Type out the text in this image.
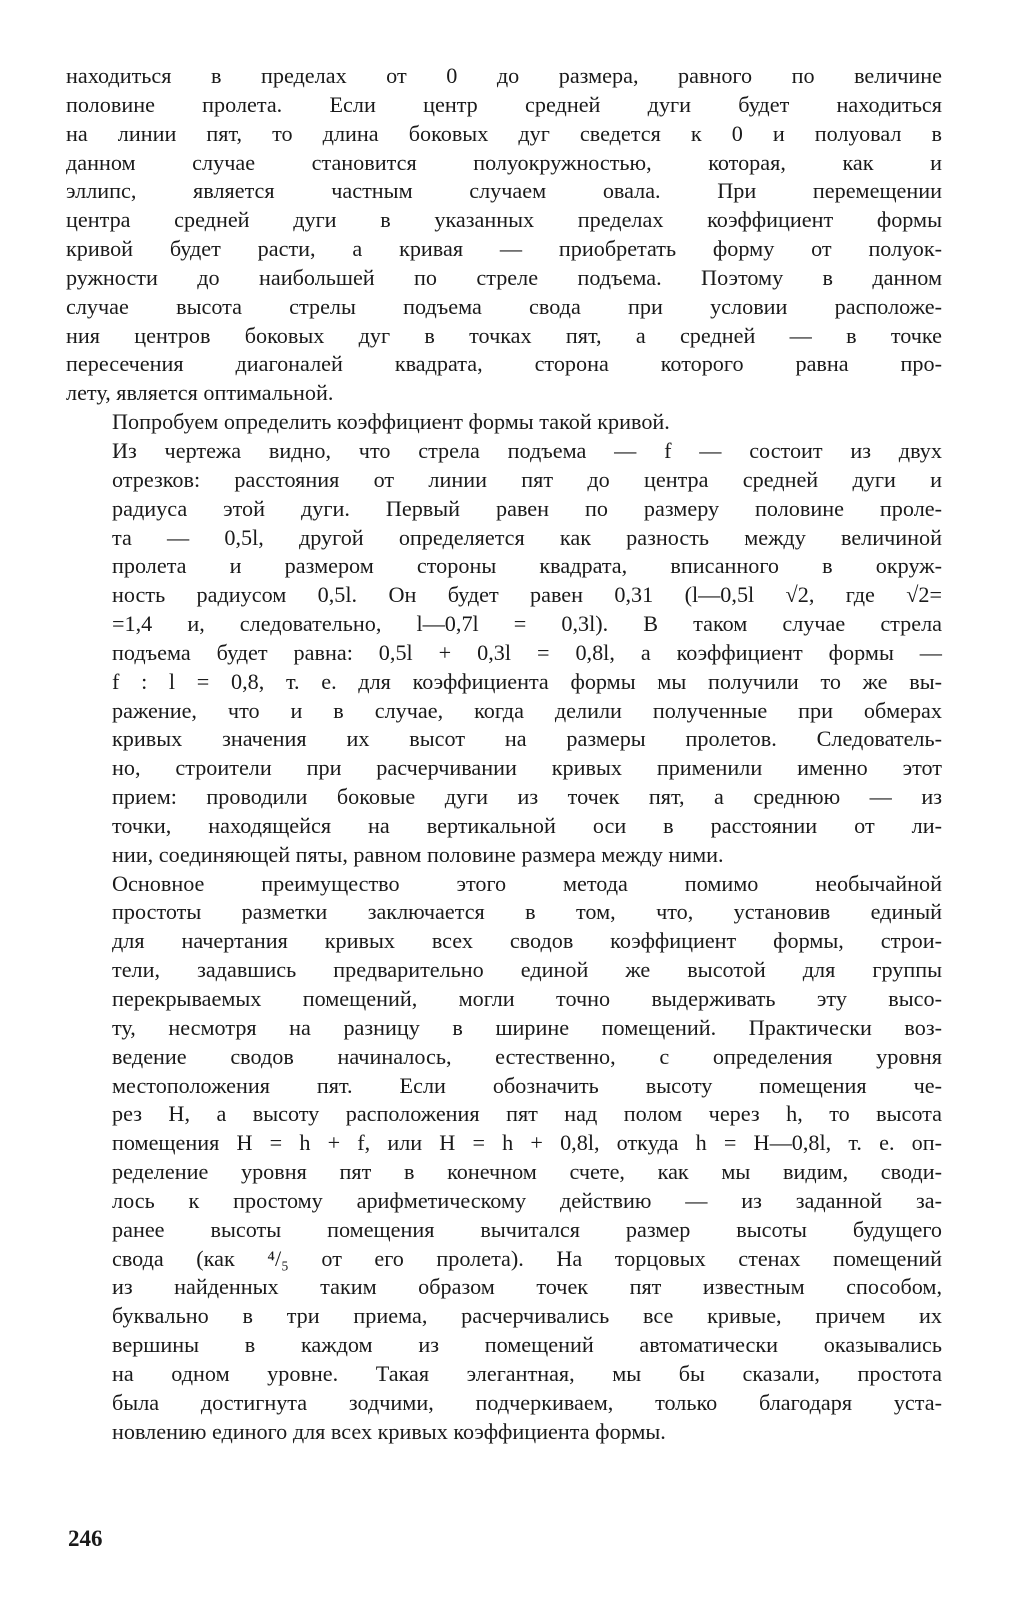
находиться в пределах от 0 до размера, равного по величине
половине пролета. Если центр средней дуги будет находиться
на линии пят, то длина боковых дуг сведется к 0 и полуовал в
данном случае становится полуокружностью, которая, как и
эллипс, является частным случаем овала. При перемещении
центра средней дуги в указанных пределах коэффициент формы
кривой будет расти, а кривая — приобретать форму от полуок-
ружности до наибольшей по стреле подъема. Поэтому в данном
случае высота стрелы подъема свода при условии расположе-
ния центров боковых дуг в точках пят, а средней — в точке
пересечения диагоналей квадрата, сторона которого равна про-
лету, является оптимальной.
Попробуем определить коэффициент формы такой кривой.
Из чертежа видно, что стрела подъема — f — состоит из двух
отрезков: расстояния от линии пят до центра средней дуги и
радиуса этой дуги. Первый равен по размеру половине проле-
та — 0,5l, другой определяется как разность между величиной
пролета и размером стороны квадрата, вписанного в окруж-
ность радиусом 0,5l. Он будет равен 0,31 (l—0,5l √2, где √2=
=1,4 и, следовательно, l—0,7l = 0,3l). В таком случае стрела
подъема будет равна: 0,5l + 0,3l = 0,8l, а коэффициент формы —
f : l = 0,8, т. е. для коэффициента формы мы получили то же вы-
ражение, что и в случае, когда делили полученные при обмерах
кривых значения их высот на размеры пролетов. Следователь-
но, строители при расчерчивании кривых применили именно этот
прием: проводили боковые дуги из точек пят, а среднюю — из
точки, находящейся на вертикальной оси в расстоянии от ли-
нии, соединяющей пяты, равном половине размера между ними.
Основное преимущество этого метода помимо необычайной
простоты разметки заключается в том, что, установив единый
для начертания кривых всех сводов коэффициент формы, строи-
тели, задавшись предварительно единой же высотой для группы
перекрываемых помещений, могли точно выдерживать эту высо-
ту, несмотря на разницу в ширине помещений. Практически воз-
ведение сводов начиналось, естественно, с определения уровня
местоположения пят. Если обозначить высоту помещения че-
рез H, а высоту расположения пят над полом через h, то высота
помещения H = h + f, или H = h + 0,8l, откуда h = H—0,8l, т. е. оп-
ределение уровня пят в конечном счете, как мы видим, своди-
лось к простому арифметическому действию — из заданной за-
ранее высоты помещения вычитался размер высоты будущего
свода (как ⁴/₅ от его пролета). На торцовых стенах помещений
из найденных таким образом точек пят известным способом,
буквально в три приема, расчерчивались все кривые, причем их
вершины в каждом из помещений автоматически оказывались
на одном уровне. Такая элегантная, мы бы сказали, простота
была достигнута зодчими, подчеркиваем, только благодаря уста-
новлению единого для всех кривых коэффициента формы.
246
